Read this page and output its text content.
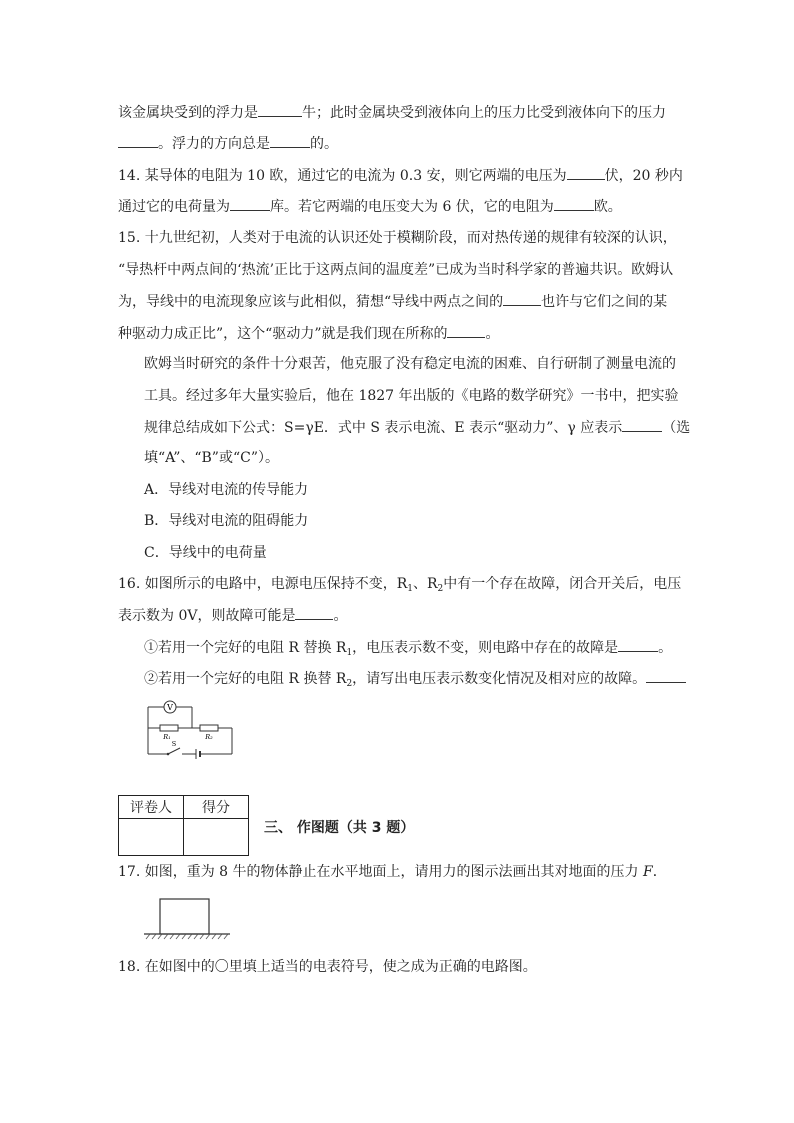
该金属块受到的浮力是	牛；此时金属块受到液体向上的压力比受到液体向下的压力
。浮力的方向总是	的。
14. 某导体的电阻为 10 欧，通过它的电流为 0.3 安，则它两端的电压为	伏，20 秒内
通过它的电荷量为	库。若它两端的电压变大为 6 伏，它的电阻为	欧。
15. 十九世纪初，人类对于电流的认识还处于模糊阶段，而对热传递的规律有较深的认识，
“导热杆中两点间的‘热流’正比于这两点间的温度差”已成为当时科学家的普遍共识。欧姆认
为，导线中的电流现象应该与此相似，猜想“导线中两点之间的	也许与它们之间的某
种驱动力成正比”，这个“驱动力”就是我们现在所称的	。
欧姆当时研究的条件十分艰苦，他克服了没有稳定电流的困难、自行研制了测量电流的
工具。经过多年大量实验后，他在 1827 年出版的《电路的数学研究》一书中，把实验
规律总结成如下公式：S=γE．式中 S 表示电流、E 表示“驱动力”、γ 应表示	（选
填“A”、“B”或“C”）。
A．导线对电流的传导能力
B．导线对电流的阻碍能力
C．导线中的电荷量
16. 如图所示的电路中，电源电压保持不变，$R_1$、$R_2$中有一个存在故障，闭合开关后，电压
表示数为 0V，则故障可能是	。
①若用一个完好的电阻 R 替换 $R_1$，电压表示数不变，则电路中存在的故障是	。
②若用一个完好的电阻 R 换替 $R_2$，请写出电压表示数变化情况及相对应的故障。
V
R₁	R₂
S
评卷人	得分

三、 作图题（共 3 题）
17. 如图，重为 8 牛的物体静止在水平地面上，请用力的图示法画出其对地面的压力 F．
18. 在如图中的〇里填上适当的电表符号，使之成为正确的电路图。
